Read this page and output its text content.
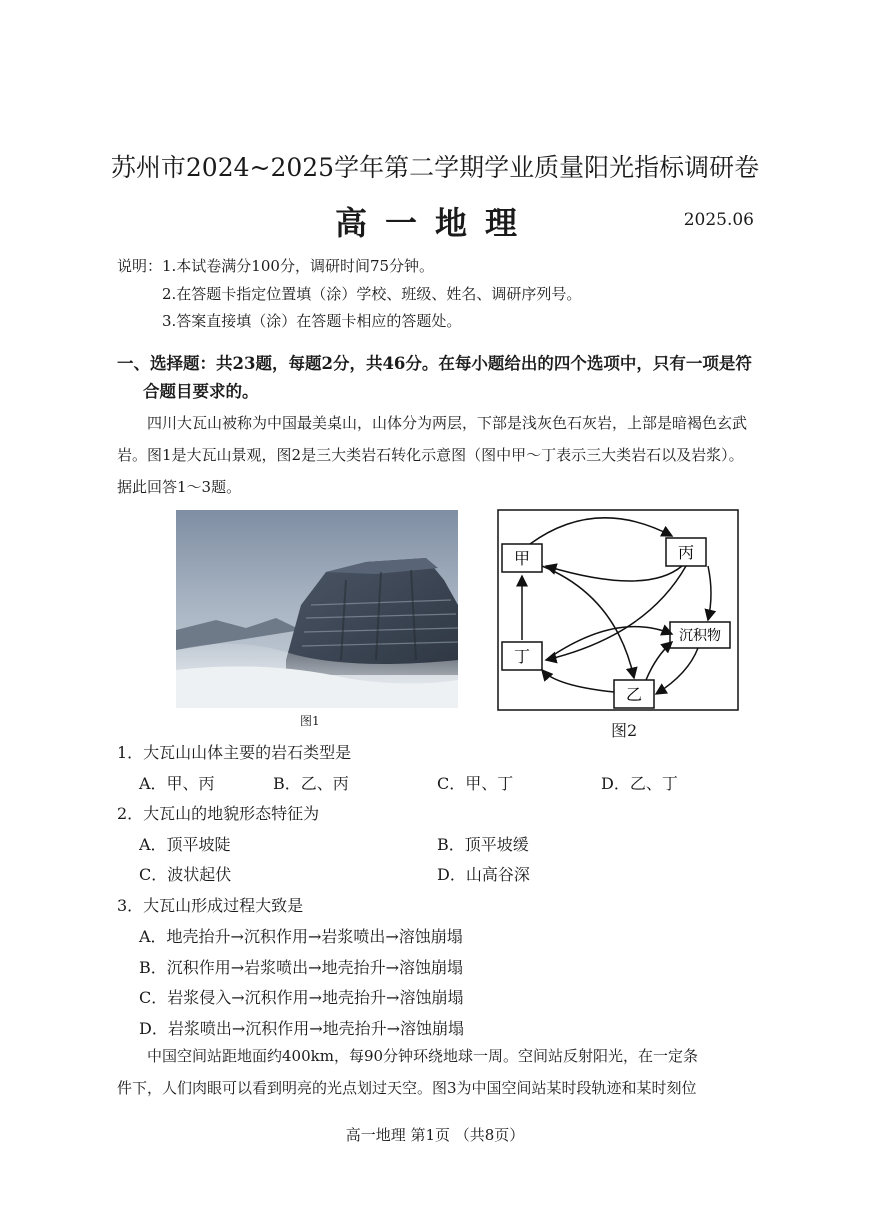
苏州市2024~2025学年第二学期学业质量阳光指标调研卷
高一地理	2025.06
说明： 1.本试卷满分100分，调研时间75分钟。
2.在答题卡指定位置填（涂）学校、班级、姓名、调研序列号。
3.答案直接填（涂）在答题卡相应的答题处。
一、选择题：共23题，每题2分，共46分。在每小题给出的四个选项中，只有一项是符
合题目要求的。
四川大瓦山被称为中国最美桌山，山体分为两层，下部是浅灰色石灰岩，上部是暗褐色玄武岩。图1是大瓦山景观，图2是三大类岩石转化示意图（图中甲～丁表示三大类岩石以及岩浆）。据此回答1～3题。
图1
甲	丙
沉积物
丁
乙
图2
1．大瓦山山体主要的岩石类型是
A．甲、丙	B．乙、丙	C．甲、丁	D．乙、丁
2．大瓦山的地貌形态特征为
A．顶平坡陡	B．顶平坡缓
C．波状起伏	D．山高谷深
3．大瓦山形成过程大致是
A．地壳抬升→沉积作用→岩浆喷出→溶蚀崩塌
B．沉积作用→岩浆喷出→地壳抬升→溶蚀崩塌
C．岩浆侵入→沉积作用→地壳抬升→溶蚀崩塌
D．岩浆喷出→沉积作用→地壳抬升→溶蚀崩塌
中国空间站距地面约400km，每90分钟环绕地球一周。空间站反射阳光，在一定条
件下，人们肉眼可以看到明亮的光点划过天空。图3为中国空间站某时段轨迹和某时刻位
高一地理 第1页 （共8页）
